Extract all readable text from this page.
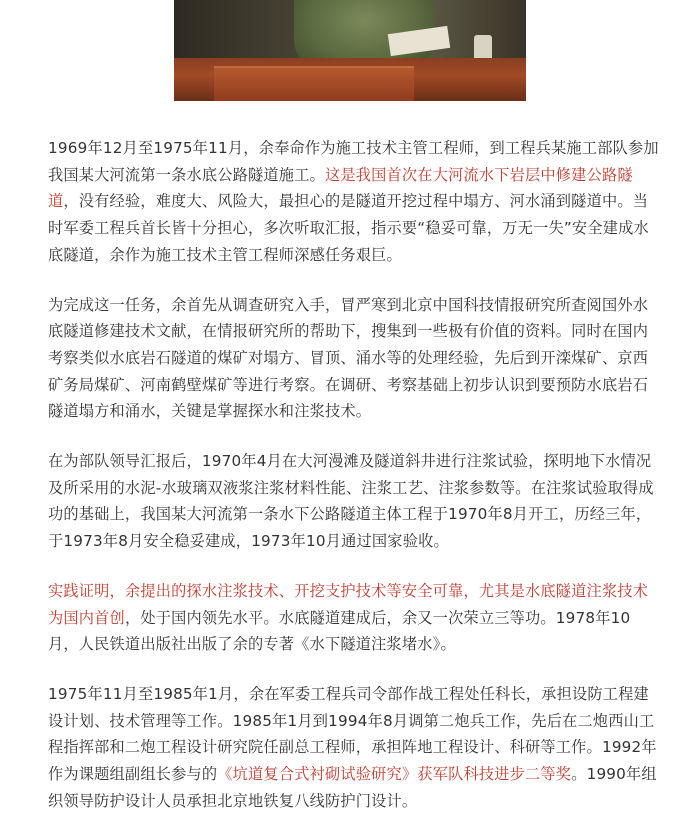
1969年12月至1975年11月，余奉命作为施工技术主管工程师，到工程兵某施工部队参加我国某大河流第一条水底公路隧道施工。这是我国首次在大河流水下岩层中修建公路隧道，没有经验，难度大、风险大，最担心的是隧道开挖过程中塌方、河水涌到隧道中。当时军委工程兵首长皆十分担心，多次听取汇报，指示要“稳妥可靠，万无一失”安全建成水底隧道，余作为施工技术主管工程师深感任务艰巨。

为完成这一任务，余首先从调查研究入手，冒严寒到北京中国科技情报研究所查阅国外水底隧道修建技术文献，在情报研究所的帮助下，搜集到一些极有价值的资料。同时在国内考察类似水底岩石隧道的煤矿对塌方、冒顶、涌水等的处理经验，先后到开滦煤矿、京西矿务局煤矿、河南鹤壁煤矿等进行考察。在调研、考察基础上初步认识到要预防水底岩石隧道塌方和涌水，关键是掌握探水和注浆技术。

在为部队领导汇报后，1970年4月在大河漫滩及隧道斜井进行注浆试验，探明地下水情况及所采用的水泥-水玻璃双液浆注浆材料性能、注浆工艺、注浆参数等。在注浆试验取得成功的基础上，我国某大河流第一条水下公路隧道主体工程于1970年8月开工，历经三年，于1973年8月安全稳妥建成，1973年10月通过国家验收。

实践证明，余提出的探水注浆技术、开挖支护技术等安全可靠，尤其是水底隧道注浆技术为国内首创，处于国内领先水平。水底隧道建成后，余又一次荣立三等功。1978年10月，人民铁道出版社出版了余的专著《水下隧道注浆堵水》。

1975年11月至1985年1月，余在军委工程兵司令部作战工程处任科长，承担设防工程建设计划、技术管理等工作。1985年1月到1994年8月调第二炮兵工作，先后在二炮西山工程指挥部和二炮工程设计研究院任副总工程师，承担阵地工程设计、科研等工作。1992年作为课题组副组长参与的《坑道复合式衬砌试验研究》获军队科技进步二等奖。1990年组织领导防护设计人员承担北京地铁复八线防护门设计。
